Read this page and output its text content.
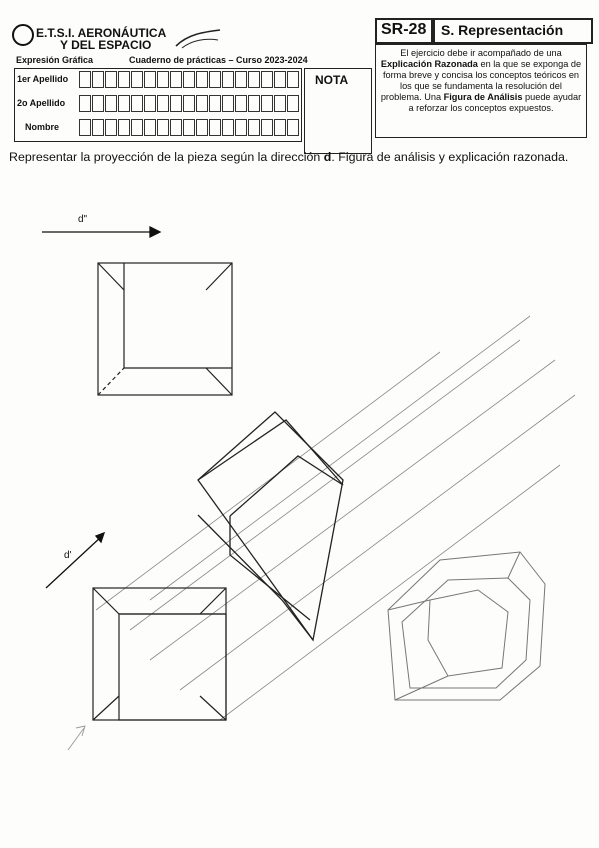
E.T.S.I. AERONÁUTICA
Y DEL ESPACIO
Expresión Gráfica	Cuaderno de prácticas – Curso 2023-2024
1er Apellido
2o Apellido
Nombre
NOTA
SR-28 S. Representación
El ejercicio debe ir acompañado de una Explicación Razonada en la que se exponga de forma breve y concisa los conceptos teóricos en los que se fundamenta la resolución del problema. Una Figura de Análisis puede ayudar a reforzar los conceptos expuestos.
Representar la proyección de la pieza según la dirección d. Figura de análisis y explicación razonada.
d"
d'
